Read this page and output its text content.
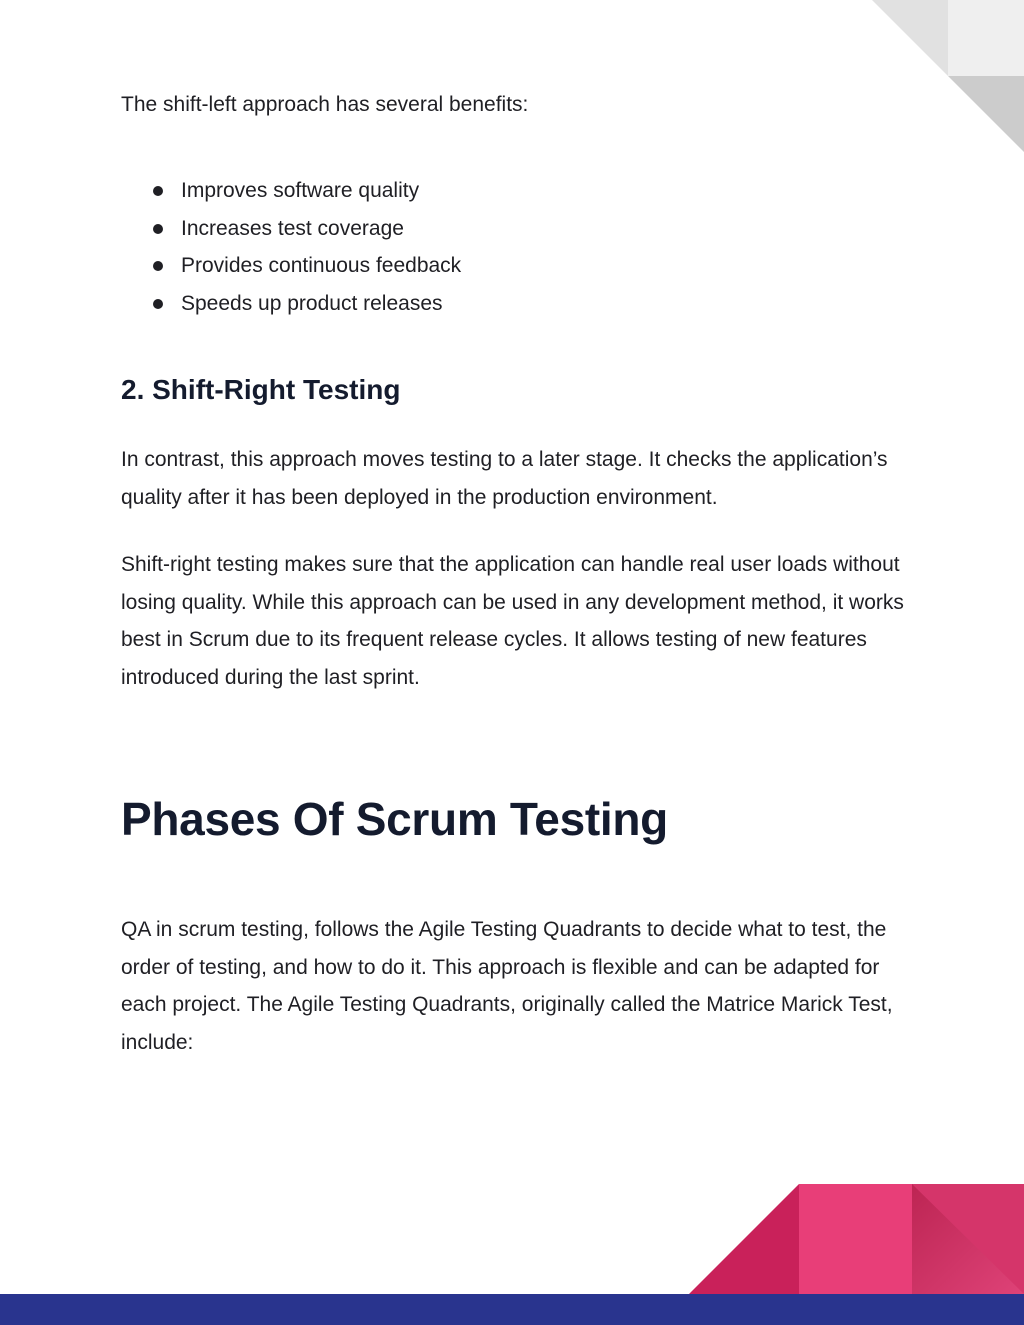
The shift-left approach has several benefits:

Improves software quality
Increases test coverage
Provides continuous feedback
Speeds up product releases
2. Shift-Right Testing

In contrast, this approach moves testing to a later stage. It checks the application’s quality after it has been deployed in the production environment.

Shift-right testing makes sure that the application can handle real user loads without losing quality. While this approach can be used in any development method, it works best in Scrum due to its frequent release cycles. It allows testing of new features introduced during the last sprint.

Phases Of Scrum Testing

QA in scrum testing, follows the Agile Testing Quadrants to decide what to test, the order of testing, and how to do it. This approach is flexible and can be adapted for each project. The Agile Testing Quadrants, originally called the Matrice Marick Test, include:
